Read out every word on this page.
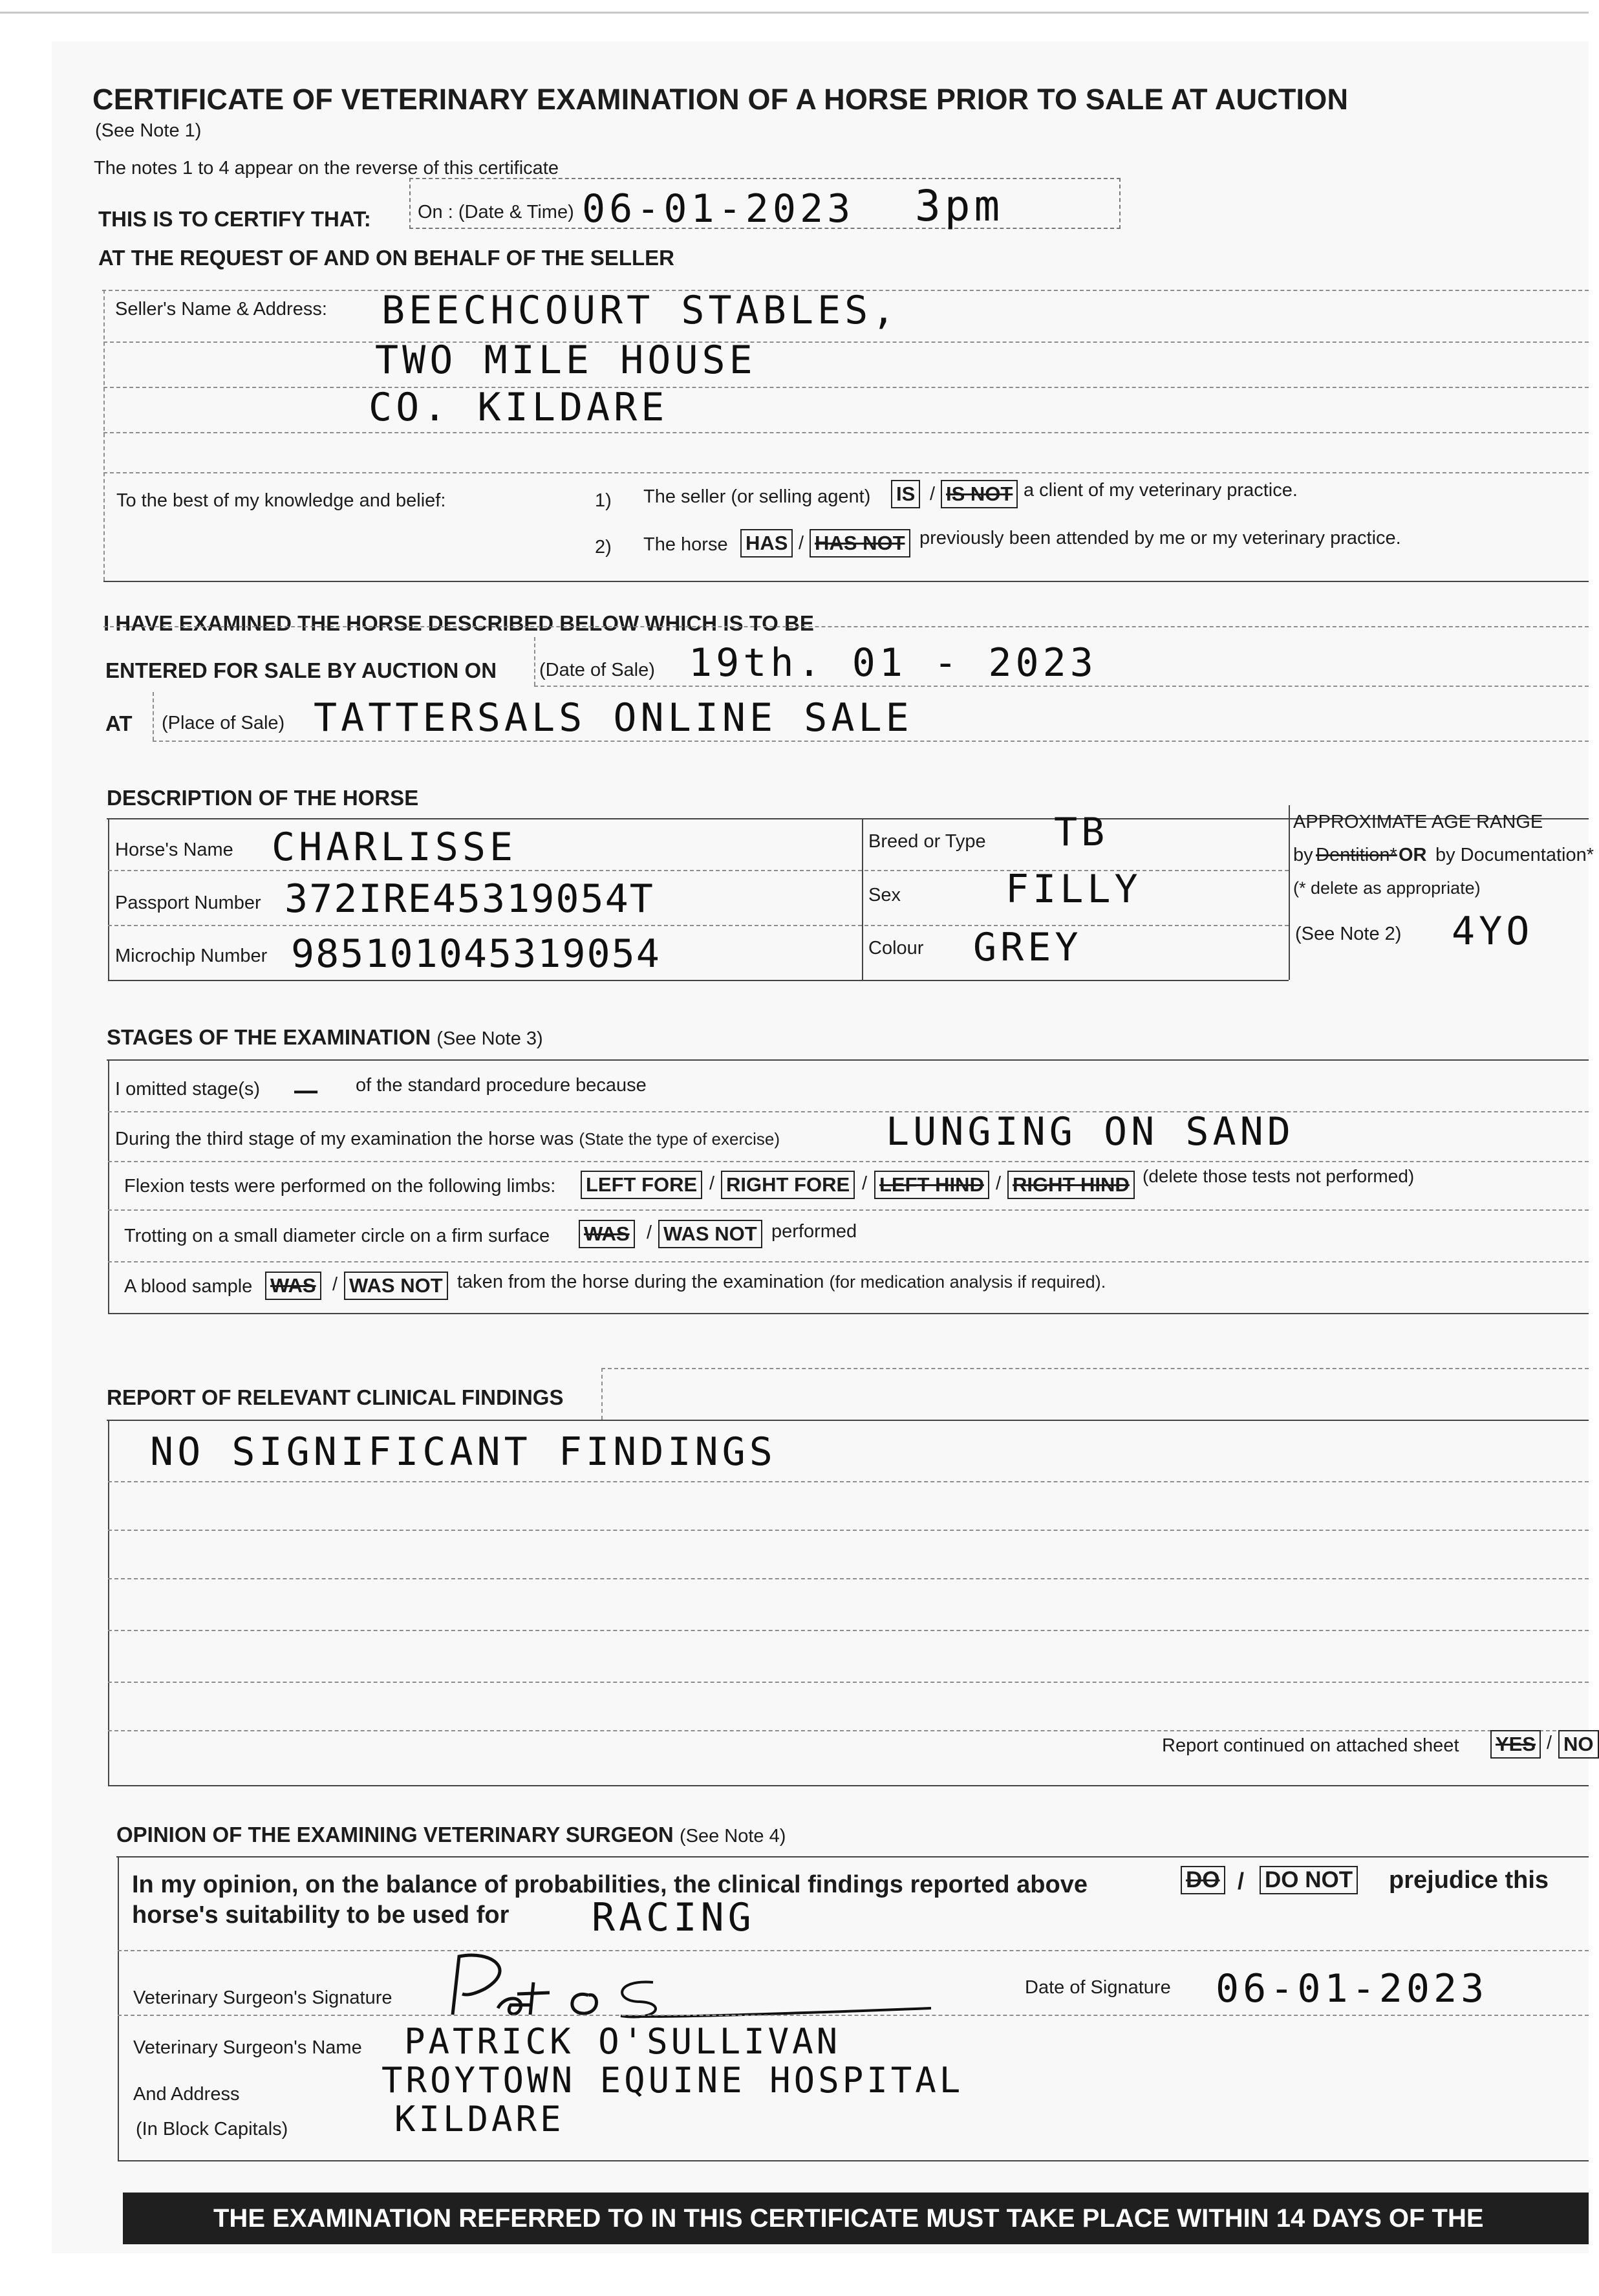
CERTIFICATE OF VETERINARY EXAMINATION OF A HORSE PRIOR TO SALE AT AUCTION
(See Note 1)
The notes 1 to 4 appear on the reverse of this certificate
THIS IS TO CERTIFY THAT: On : (Date & Time) 06-01-2023 3pm
AT THE REQUEST OF AND ON BEHALF OF THE SELLER
Seller's Name & Address: BEECHCOURT STABLES,
TWO MILE HOUSE
CO. KILDARE
To the best of my knowledge and belief:	1) The seller (or selling agent) IS / IS NOT a client of my veterinary practice.
2) The horse HAS / HAS NOT previously been attended by me or my veterinary practice.
I HAVE EXAMINED THE HORSE DESCRIBED BELOW WHICH IS TO BE
ENTERED FOR SALE BY AUCTION ON (Date of Sale) 19th. 01 - 2023
AT (Place of Sale) TATTERSALS ONLINE SALE
DESCRIPTION OF THE HORSE
Horse's Name CHARLISSE
Passport Number 372IRE45319054T
Microchip Number 985101045319054
Breed or Type TB
Sex	FILLY
Colour GREY
APPROXIMATE AGE RANGE
by Dentition* OR by Documentation*
(* delete as appropriate)
(See Note 2) 4YO
STAGES OF THE EXAMINATION (See Note 3)
I omitted stage(s) – of the standard procedure because
During the third stage of my examination the horse was (State the type of exercise)	LUNGING ON SAND
Flexion tests were performed on the following limbs: LEFT FORE / RIGHT FORE / LEFT HIND / RIGHT HIND (delete those tests not performed)
Trotting on a small diameter circle on a firm surface WAS / WAS NOT performed
A blood sample WAS / WAS NOT taken from the horse during the examination (for medication analysis if required).
REPORT OF RELEVANT CLINICAL FINDINGS
NO SIGNIFICANT FINDINGS
Report continued on attached sheet YES / NO
OPINION OF THE EXAMINING VETERINARY SURGEON (See Note 4)
In my opinion, on the balance of probabilities, the clinical findings reported above	DO / DO NOT prejudice this
horse's suitability to be used for RACING
Veterinary Surgeon's Signature	Date of Signature 06-01-2023
Veterinary Surgeon's Name
And Address
(In Block Capitals)
PATRICK O'SULLIVAN
TROYTOWN EQUINE HOSPITAL
KILDARE
THE EXAMINATION REFERRED TO IN THIS CERTIFICATE MUST TAKE PLACE WITHIN 14 DAYS OF THE AUCTION
